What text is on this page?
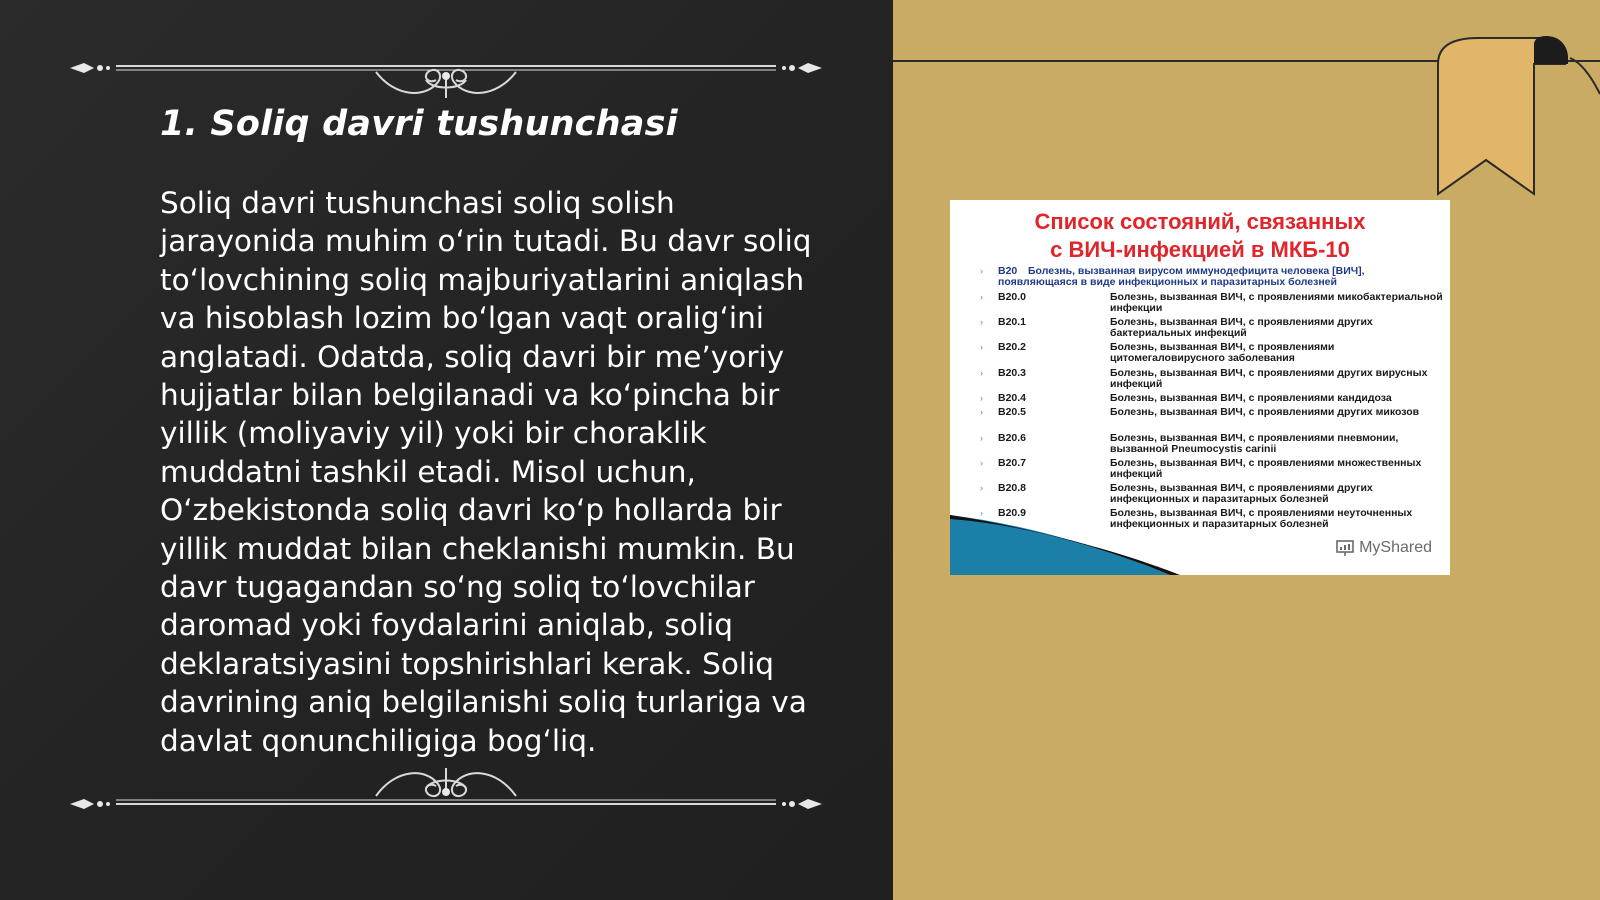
1. Soliq davri tushunchasi

Soliq davri tushunchasi soliq solish jarayonida muhim o‘rin tutadi. Bu davr soliq to‘lovchining soliq majburiyatlarini aniqlash va hisoblash lozim bo‘lgan vaqt oralig‘ini anglatadi. Odatda, soliq davri bir me’yoriy hujjatlar bilan belgilanadi va ko‘pincha bir yillik (moliyaviy yil) yoki bir choraklik muddatni tashkil etadi. Misol uchun, O‘zbekistonda soliq davri ko‘p hollarda bir yillik muddat bilan cheklanishi mumkin. Bu davr tugagandan so‘ng soliq to‘lovchilar daromad yoki foydalarini aniqlab, soliq deklaratsiyasini topshirishlari kerak. Soliq davrining aniq belgilanishi soliq turlariga va davlat qonunchiligiga bog‘liq.

Список состояний, связанных
с ВИЧ-инфекцией в МКБ-10
› B20 Болезнь, вызванная вирусом иммунодефицита человека [ВИЧ],
появляющаяся в виде инфекционных и паразитарных болезней
› B20.0	Болезнь, вызванная ВИЧ, с проявлениями микобактериальной инфекции
› B20.1	Болезнь, вызванная ВИЧ, с проявлениями других бактериальных инфекций
› B20.2	Болезнь, вызванная ВИЧ, с проявлениями цитомегаловирусного заболевания
› B20.3	Болезнь, вызванная ВИЧ, с проявлениями других вирусных инфекций
› B20.4	Болезнь, вызванная ВИЧ, с проявлениями кандидоза
› B20.5	Болезнь, вызванная ВИЧ, с проявлениями других микозов
› B20.6	Болезнь, вызванная ВИЧ, с проявлениями пневмонии, вызванной Pneumocystis carinii
› B20.7	Болезнь, вызванная ВИЧ, с проявлениями множественных инфекций
› B20.8	Болезнь, вызванная ВИЧ, с проявлениями других инфекционных и паразитарных болезней
› B20.9	Болезнь, вызванная ВИЧ, с проявлениями неуточненных инфекционных и паразитарных болезней
MyShared
